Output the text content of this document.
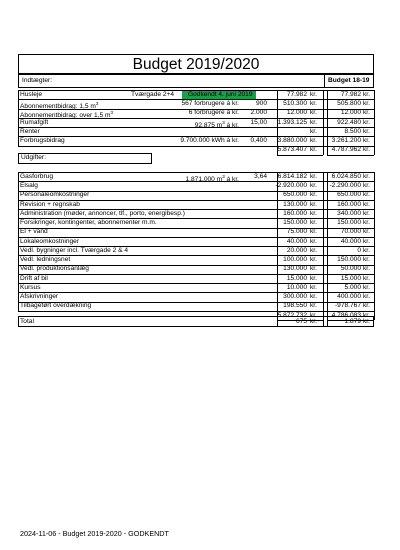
Budget 2019/2020
Indtægter:	Budget 18-19
Udgifter:
2024-11-06 - Budget 2019-2020 - GODKENDT
Husleje	Tværgade 2+4	Godkendt 4. juni 2019	77.982 kr.	77.982 kr.
Abonnementbidrag: 1,5 $m^3$	567 forbrugere á kr.	900	510.300 kr.	505.800 kr.
Abonnementbidrag: over 1,5 $m^3$	6 forbrugere á kr.	2.000	12.000 kr.	12.000 kr.
Rumafgift	92.875 $m^3$ á kr.	15,00	1.393.125 kr.	922.480 kr.
Renter	kr.	8.500 kr.
Forbrugsbidrag	9.700.000 kWh á kr.	0,400	3.880.000 kr.	3.261.200 kr.
5.873.407 kr.	4.787.962 kr.
Gasforbrug	1.871.000 $m^3$ á kr.	3,64	6.814.182 kr.	6.024.850 kr.
Elsalg	-2.920.000 kr.	-2.290.000 kr.
Personaleomkostninger	650.000 kr.	650.000 kr.
Revision + regnskab	130.000 kr.	160.000 kr.
Administration (møder, annoncer, tlf., porto, energibesp.)	160.000 kr.	340.000 kr.
Forsikringer, kontingenter, abonnementer m.m.	150.000 kr.	150.000 kr.
El + vand	75.000 kr.	70.000 kr.
Lokaleomkostninger	40.000 kr.	40.000 kr.
Vedl. bygninger incl. Tværgade 2 & 4	20.000 kr.	0 kr.
Vedl. ledningsnet	100.000 kr.	150.000 kr.
Vedl. produktionsanlæg	130.000 kr.	50.000 kr.
Drift af bil	15.000 kr.	15.000 kr.
Kursus	10.000 kr.	5.000 kr.
Afskrivninger	300.000 kr.	400.000 kr.
Tilbageført overdækning	198.550 kr.	-978.767 kr.
5.872.732 kr.	4.786.083 kr.
Total	675 kr.	1.879 kr.
